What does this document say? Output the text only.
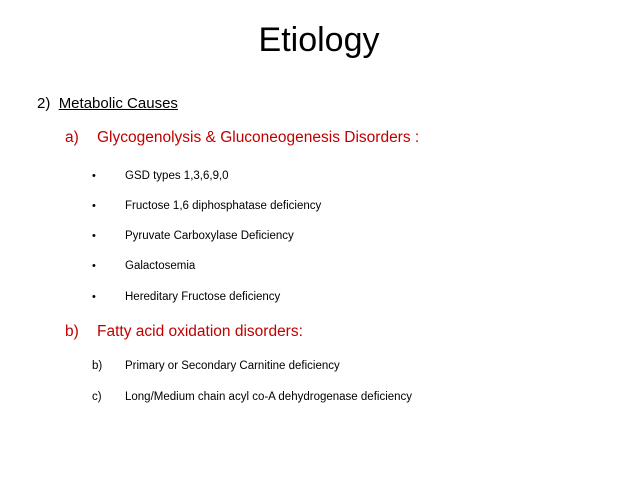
Etiology
2) Metabolic Causes
a) Glycogenolysis & Gluconeogenesis Disorders :
•	GSD types 1,3,6,9,0
•	Fructose 1,6 diphosphatase deficiency
•	Pyruvate Carboxylase Deficiency
•	Galactosemia
•	Hereditary Fructose deficiency
b) Fatty acid oxidation disorders:
b) Primary or Secondary Carnitine deficiency
c) Long/Medium chain acyl co-A dehydrogenase deficiency
